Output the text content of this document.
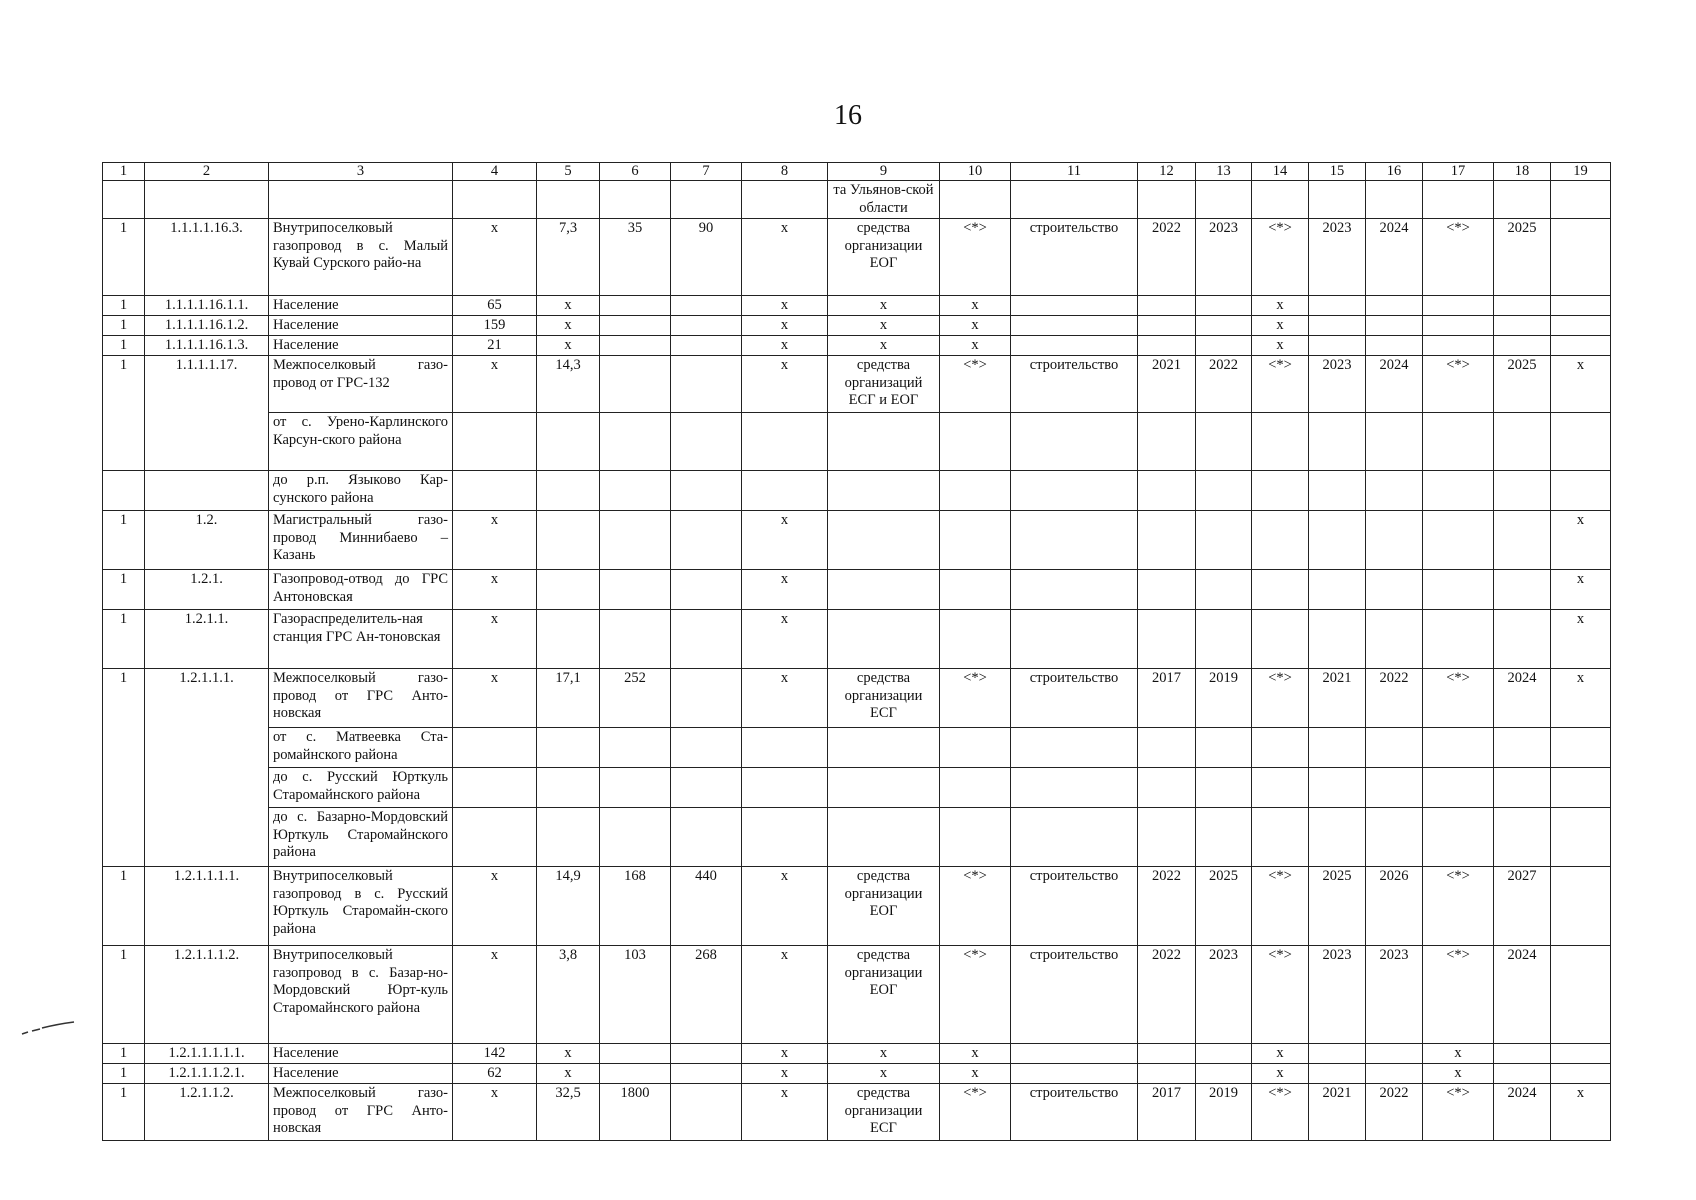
16
1	2	3	4	5	6	7	8	9	10	11	12	13	14	15	16	17	18	19
								та Ульянов-ской области										
1	1.1.1.1.16.3.	Внутрипоселковый газопровод в с. Малый Кувай Сурского райо-на	х	7,3	35	90	х	средства организации ЕОГ	<*>	строительство	2022	2023	<*>	2023	2024	<*>	2025	
1	1.1.1.1.16.1.1.	Население	65	х			х	х	х				х					
1	1.1.1.1.16.1.2.	Население	159	х			х	х	х				х					
1	1.1.1.1.16.1.3.	Население	21	х			х	х	х				х					
1	1.1.1.1.17.	Межпоселковый газо-провод от ГРС-132	х	14,3			х	средства организаций ЕСГ и ЕОГ	<*>	строительство	2021	2022	<*>	2023	2024	<*>	2025	х
		от с. Урено-Карлинского Карсун-ского района																
		до р.п. Языково Кар-сунского района																
1	1.2.	Магистральный газо-провод Миннибаево – Казань	х				х											х
1	1.2.1.	Газопровод-отвод до ГРС Антоновская	х				х											х
1	1.2.1.1.	Газораспределитель-ная станция ГРС Ан-тоновская	х				х											х
1	1.2.1.1.1.	Межпоселковый газо-провод от ГРС Анто-новская	х	17,1	252		х	средства организации ЕСГ	<*>	строительство	2017	2019	<*>	2021	2022	<*>	2024	х
		от с. Матвеевка Ста-ромайнского района																
		до с. Русский Юрткуль Старомайнского района																
		до с. Базарно-Мордовский Юрткуль Старомайнского района																
1	1.2.1.1.1.1.	Внутрипоселковый газопровод в с. Русский Юрткуль Старомайн-ского района	х	14,9	168	440	х	средства организации ЕОГ	<*>	строительство	2022	2025	<*>	2025	2026	<*>	2027	
1	1.2.1.1.1.2.	Внутрипоселковый газопровод в с. Базар-но-Мордовский Юрт-куль Старомайнского района	х	3,8	103	268	х	средства организации ЕОГ	<*>	строительство	2022	2023	<*>	2023	2023	<*>	2024	
1	1.2.1.1.1.1.1.	Население	142	х			х	х	х				х			х		
1	1.2.1.1.1.2.1.	Население	62	х			х	х	х				х			х		
1	1.2.1.1.2.	Межпоселковый газо-провод от ГРС Анто-новская	х	32,5	1800		х	средства организации ЕСГ	<*>	строительство	2017	2019	<*>	2021	2022	<*>	2024	х
